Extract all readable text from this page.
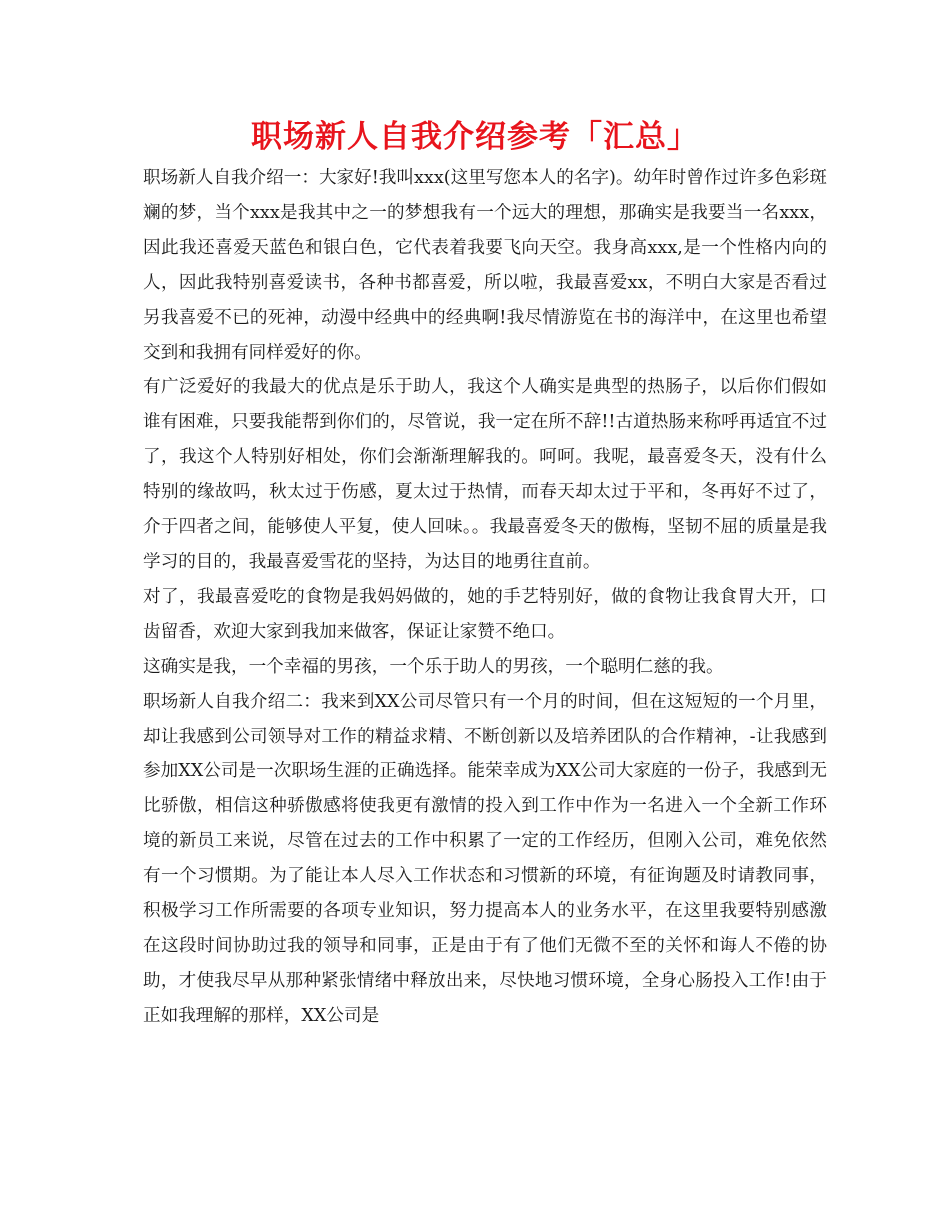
职场新人自我介绍参考「汇总」

职场新人自我介绍一：大家好!我叫xxx(这里写您本人的名字)。幼年时曾作过许多色彩斑斓的梦，当个xxx是我其中之一的梦想我有一个远大的理想，那确实是我要当一名xxx，因此我还喜爱天蓝色和银白色，它代表着我要飞向天空。我身高xxx,是一个性格内向的人，因此我特别喜爱读书，各种书都喜爱，所以啦，我最喜爱xx，不明白大家是否看过另我喜爱不已的死神，动漫中经典中的经典啊!我尽情游览在书的海洋中，在这里也希望交到和我拥有同样爱好的你。

有广泛爱好的我最大的优点是乐于助人，我这个人确实是典型的热肠子，以后你们假如谁有困难，只要我能帮到你们的，尽管说，我一定在所不辞!!古道热肠来称呼再适宜不过了，我这个人特别好相处，你们会渐渐理解我的。呵呵。我呢，最喜爱冬天，没有什么特别的缘故吗，秋太过于伤感，夏太过于热情，而春天却太过于平和，冬再好不过了，介于四者之间，能够使人平复，使人回味。。我最喜爱冬天的傲梅，坚韧不屈的质量是我学习的目的，我最喜爱雪花的坚持，为达目的地勇往直前。

对了，我最喜爱吃的食物是我妈妈做的，她的手艺特别好，做的食物让我食胃大开，口齿留香，欢迎大家到我加来做客，保证让家赞不绝口。

这确实是我，一个幸福的男孩，一个乐于助人的男孩，一个聪明仁慈的我。

职场新人自我介绍二：我来到XX公司尽管只有一个月的时间，但在这短短的一个月里，却让我感到公司领导对工作的精益求精、不断创新以及培养团队的合作精神，-让我感到参加XX公司是一次职场生涯的正确选择。能荣幸成为XX公司大家庭的一份子，我感到无比骄傲，相信这种骄傲感将使我更有激情的投入到工作中作为一名进入一个全新工作环境的新员工来说，尽管在过去的工作中积累了一定的工作经历，但刚入公司，难免依然有一个习惯期。为了能让本人尽入工作状态和习惯新的环境，有征询题及时请教同事，积极学习工作所需要的各项专业知识，努力提高本人的业务水平，在这里我要特别感激在这段时间协助过我的领导和同事，正是由于有了他们无微不至的关怀和诲人不倦的协助，才使我尽早从那种紧张情绪中释放出来，尽快地习惯环境，全身心肠投入工作!由于正如我理解的那样，XX公司是
